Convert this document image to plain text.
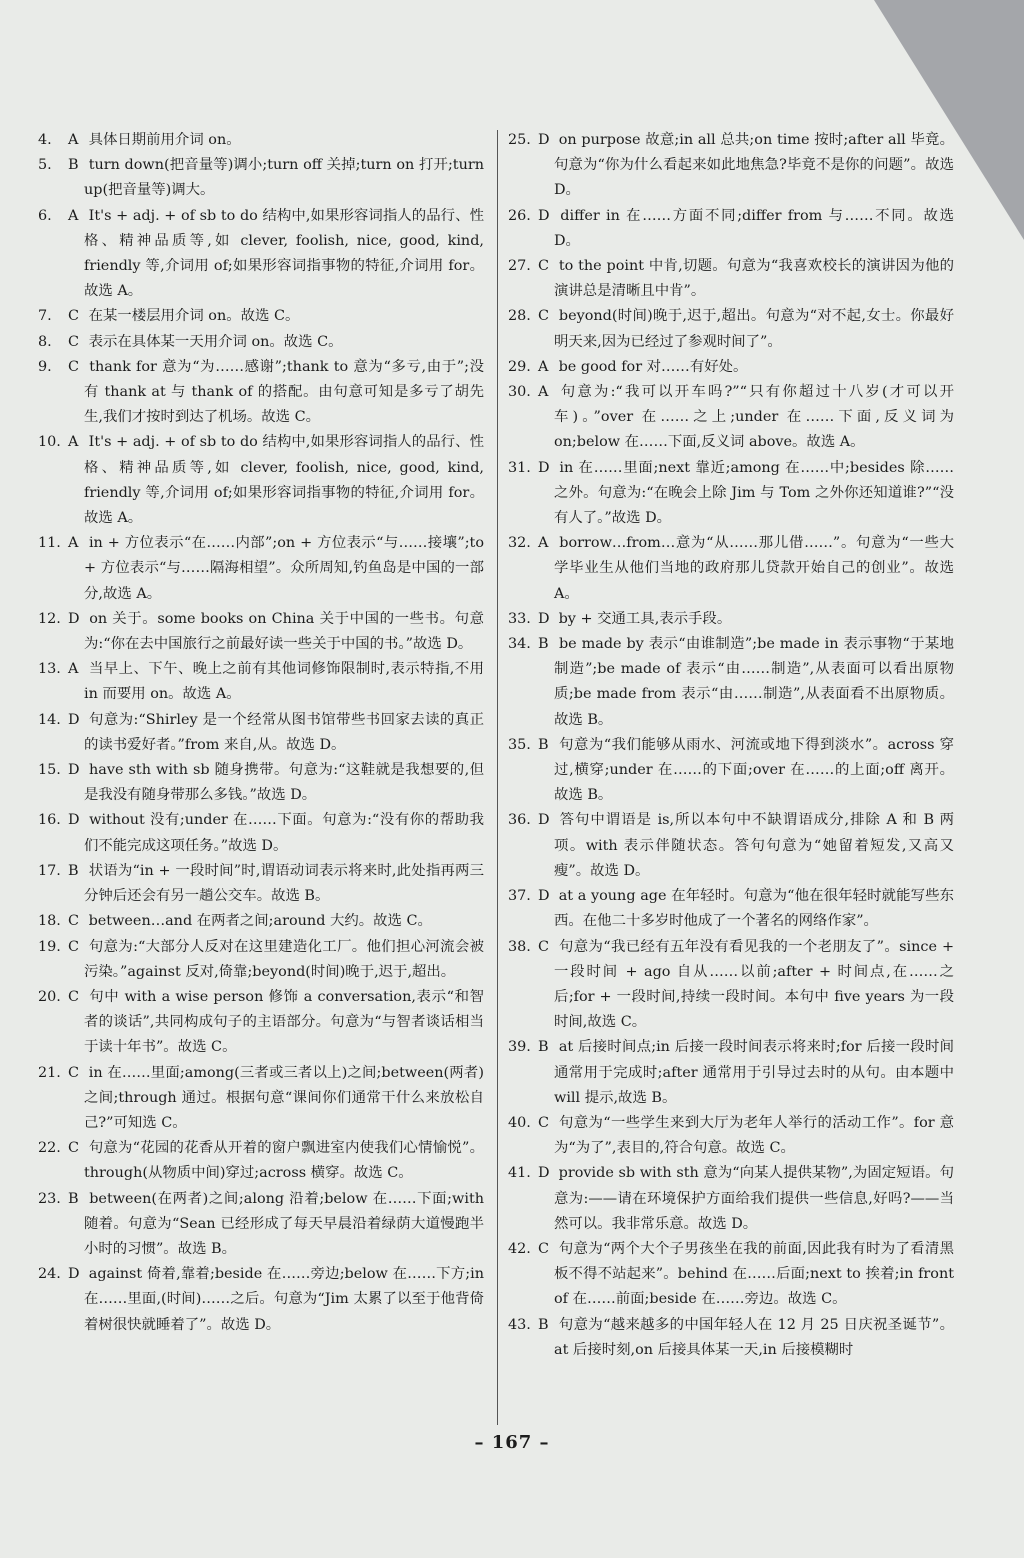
4. A 具体日期前用介词 on。

5. B turn down(把音量等)调小;turn off 关掉;turn on 打开;turn up(把音量等)调大。

6. A It's + adj. + of sb to do 结构中,如果形容词指人的品行、性格、精神品质等,如 clever, foolish, nice, good, kind, friendly 等,介词用 of;如果形容词指事物的特征,介词用 for。故选 A。

7. C 在某一楼层用介词 on。故选 C。

8. C 表示在具体某一天用介词 on。故选 C。

9. C thank for 意为“为……感谢”;thank to 意为“多亏,由于”;没有 thank at 与 thank of 的搭配。由句意可知是多亏了胡先生,我们才按时到达了机场。故选 C。

10. A It's + adj. + of sb to do 结构中,如果形容词指人的品行、性格、精神品质等,如 clever, foolish, nice, good, kind, friendly 等,介词用 of;如果形容词指事物的特征,介词用 for。故选 A。

11. A in + 方位表示“在……内部”;on + 方位表示“与……接壤”;to + 方位表示“与……隔海相望”。众所周知,钓鱼岛是中国的一部分,故选 A。

12. D on 关于。some books on China 关于中国的一些书。句意为:“你在去中国旅行之前最好读一些关于中国的书。”故选 D。

13. A 当早上、下午、晚上之前有其他词修饰限制时,表示特指,不用 in 而要用 on。故选 A。

14. D 句意为:“Shirley 是一个经常从图书馆带些书回家去读的真正的读书爱好者。”from 来自,从。故选 D。

15. D have sth with sb 随身携带。句意为:“这鞋就是我想要的,但是我没有随身带那么多钱。”故选 D。

16. D without 没有;under 在……下面。句意为:“没有你的帮助我们不能完成这项任务。”故选 D。

17. B 状语为“in + 一段时间”时,谓语动词表示将来时,此处指再两三分钟后还会有另一趟公交车。故选 B。

18. C between…and 在两者之间;around 大约。故选 C。

19. C 句意为:“大部分人反对在这里建造化工厂。他们担心河流会被污染。”against 反对,倚靠;beyond(时间)晚于,迟于,超出。

20. C 句中 with a wise person 修饰 a conversation,表示“和智者的谈话”,共同构成句子的主语部分。句意为“与智者谈话相当于读十年书”。故选 C。

21. C in 在……里面;among(三者或三者以上)之间;between(两者)之间;through 通过。根据句意“课间你们通常干什么来放松自己?”可知选 C。

22. C 句意为“花园的花香从开着的窗户飘进室内使我们心情愉悦”。through(从物质中间)穿过;across 横穿。故选 C。

23. B between(在两者)之间;along 沿着;below 在……下面;with 随着。句意为“Sean 已经形成了每天早晨沿着绿荫大道慢跑半小时的习惯”。故选 B。

24. D against 倚着,靠着;beside 在……旁边;below 在……下方;in 在……里面,(时间)……之后。句意为“Jim 太累了以至于他背倚着树很快就睡着了”。故选 D。

25. D on purpose 故意;in all 总共;on time 按时;after all 毕竟。句意为“你为什么看起来如此地焦急?毕竟不是你的问题”。故选 D。

26. D differ in 在……方面不同;differ from 与……不同。故选 D。

27. C to the point 中肯,切题。句意为“我喜欢校长的演讲因为他的演讲总是清晰且中肯”。

28. C beyond(时间)晚于,迟于,超出。句意为“对不起,女士。你最好明天来,因为已经过了参观时间了”。

29. A be good for 对……有好处。

30. A 句意为:“我可以开车吗?”“只有你超过十八岁(才可以开车)。”over 在……之上;under 在……下面,反义词为 on;below 在……下面,反义词 above。故选 A。

31. D in 在……里面;next 靠近;among 在……中;besides 除……之外。句意为:“在晚会上除 Jim 与 Tom 之外你还知道谁?”“没有人了。”故选 D。

32. A borrow…from…意为“从……那儿借……”。句意为“一些大学毕业生从他们当地的政府那儿贷款开始自己的创业”。故选 A。

33. D by + 交通工具,表示手段。

34. B be made by 表示“由谁制造”;be made in 表示事物“于某地制造”;be made of 表示“由……制造”,从表面可以看出原物质;be made from 表示“由……制造”,从表面看不出原物质。故选 B。

35. B 句意为“我们能够从雨水、河流或地下得到淡水”。across 穿过,横穿;under 在……的下面;over 在……的上面;off 离开。故选 B。

36. D 答句中谓语是 is,所以本句中不缺谓语成分,排除 A 和 B 两项。with 表示伴随状态。答句句意为“她留着短发,又高又瘦”。故选 D。

37. D at a young age 在年轻时。句意为“他在很年轻时就能写些东西。在他二十多岁时他成了一个著名的网络作家”。

38. C 句意为“我已经有五年没有看见我的一个老朋友了”。since + 一段时间 + ago 自从……以前;after + 时间点,在……之后;for + 一段时间,持续一段时间。本句中 five years 为一段时间,故选 C。

39. B at 后接时间点;in 后接一段时间表示将来时;for 后接一段时间通常用于完成时;after 通常用于引导过去时的从句。由本题中 will 提示,故选 B。

40. C 句意为“一些学生来到大厅为老年人举行的活动工作”。for 意为“为了”,表目的,符合句意。故选 C。

41. D provide sb with sth 意为“向某人提供某物”,为固定短语。句意为:——请在环境保护方面给我们提供一些信息,好吗?——当然可以。我非常乐意。故选 D。

42. C 句意为“两个大个子男孩坐在我的前面,因此我有时为了看清黑板不得不站起来”。behind 在……后面;next to 挨着;in front of 在……前面;beside 在……旁边。故选 C。

43. B 句意为“越来越多的中国年轻人在 12 月 25 日庆祝圣诞节”。at 后接时刻,on 后接具体某一天,in 后接模糊时

– 167 –
